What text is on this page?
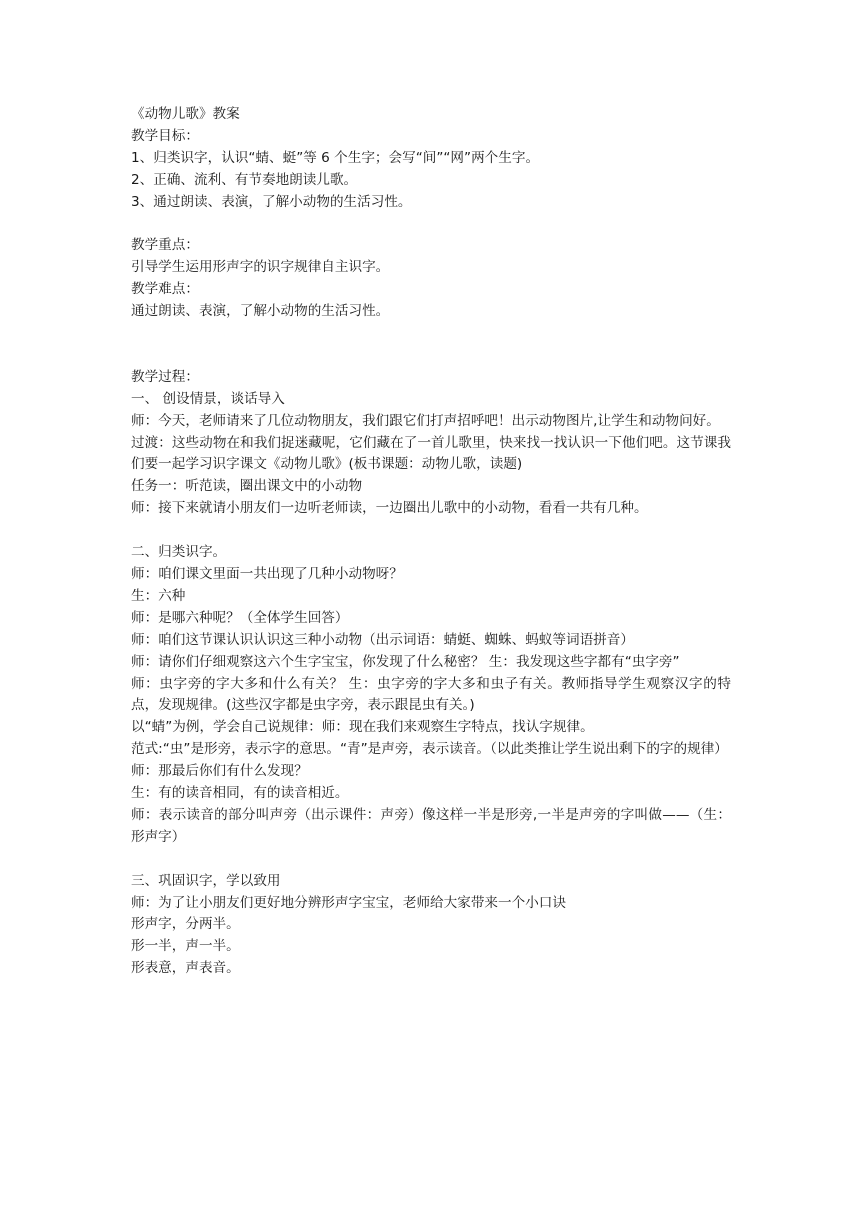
《动物儿歌》教案
教学目标：
1、归类识字，认识“蜻、蜓”等 6 个生字；会写“间”“网”两个生字。
2、正确、流利、有节奏地朗读儿歌。
3、通过朗读、表演，了解小动物的生活习性。
教学重点：
引导学生运用形声字的识字规律自主识字。
教学难点：
通过朗读、表演，了解小动物的生活习性。
教学过程：
一、 创设情景，谈话导入
师：今天，老师请来了几位动物朋友，我们跟它们打声招呼吧！出示动物图片,让学生和动物问好。
过渡：这些动物在和我们捉迷藏呢，它们藏在了一首儿歌里，快来找一找认识一下他们吧。这节课我们要一起学习识字课文《动物儿歌》(板书课题：动物儿歌，读题)
任务一：听范读，圈出课文中的小动物
师：接下来就请小朋友们一边听老师读，一边圈出儿歌中的小动物，看看一共有几种。
二、归类识字。
师：咱们课文里面一共出现了几种小动物呀？
生：六种
师：是哪六种呢？（全体学生回答）
师：咱们这节课认识认识这三种小动物（出示词语：蜻蜓、蜘蛛、蚂蚁等词语拼音）
师：请你们仔细观察这六个生字宝宝，你发现了什么秘密？ 生：我发现这些字都有“虫字旁”
师：虫字旁的字大多和什么有关？ 生：虫字旁的字大多和虫子有关。教师指导学生观察汉字的特点，发现规律。(这些汉字都是虫字旁，表示跟昆虫有关。)
以“蜻”为例，学会自己说规律：师：现在我们来观察生字特点，找认字规律。
范式:“虫”是形旁，表示字的意思。“青”是声旁，表示读音。（以此类推让学生说出剩下的字的规律）
师：那最后你们有什么发现？
生：有的读音相同，有的读音相近。
师：表示读音的部分叫声旁（出示课件：声旁）像这样一半是形旁,一半是声旁的字叫做——（生：形声字）
三、巩固识字，学以致用
师：为了让小朋友们更好地分辨形声字宝宝，老师给大家带来一个小口诀
形声字，分两半。
形一半，声一半。
形表意，声表音。
